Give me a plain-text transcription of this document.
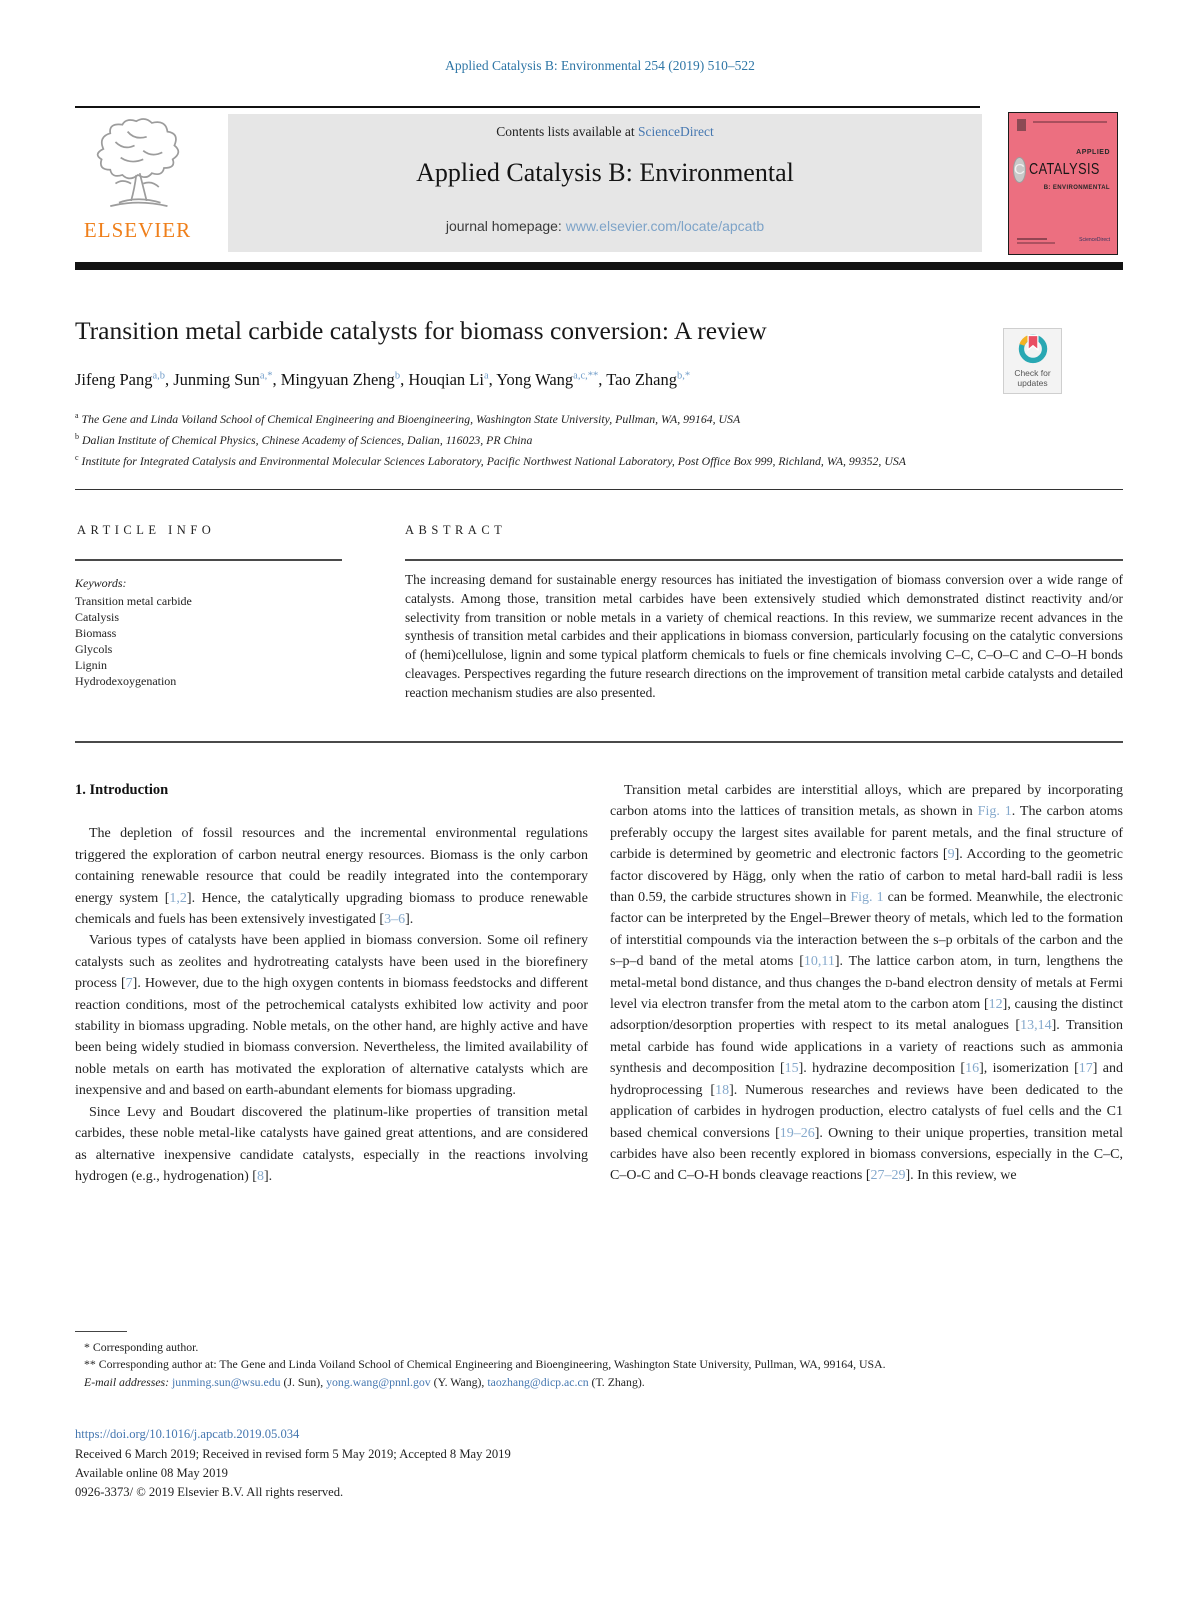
Applied Catalysis B: Environmental 254 (2019) 510–522
Contents lists available at ScienceDirect
Applied Catalysis B: Environmental
journal homepage: www.elsevier.com/locate/apcatb
ELSEVIER
APPLIED
C CATALYSIS
B: ENVIRONMENTAL
ScienceDirect
Transition metal carbide catalysts for biomass conversion: A review
Check for updates
Jifeng Pang$^{a,b}$, Junming Sun$^{a,*}$, Mingyuan Zheng$^b$, Houqian Li$^a$, Yong Wang$^{a,c,**}$, Tao Zhang$^{b,*}$
$^a$ The Gene and Linda Voiland School of Chemical Engineering and Bioengineering, Washington State University, Pullman, WA, 99164, USA
$^b$ Dalian Institute of Chemical Physics, Chinese Academy of Sciences, Dalian, 116023, PR China
$^c$ Institute for Integrated Catalysis and Environmental Molecular Sciences Laboratory, Pacific Northwest National Laboratory, Post Office Box 999, Richland, WA, 99352, USA
ARTICLE INFO	ABSTRACT
Keywords:
Transition metal carbide
Catalysis
Biomass
Glycols
Lignin
Hydrodexoygenation
The increasing demand for sustainable energy resources has initiated the investigation of biomass conversion over a wide range of catalysts. Among those, transition metal carbides have been extensively studied which demonstrated distinct reactivity and/or selectivity from transition or noble metals in a variety of chemical reactions. In this review, we summarize recent advances in the synthesis of transition metal carbides and their applications in biomass conversion, particularly focusing on the catalytic conversions of (hemi)cellulose, lignin and some typical platform chemicals to fuels or fine chemicals involving C–C, C–O–C and C–O–H bonds cleavages. Perspectives regarding the future research directions on the improvement of transition metal carbide catalysts and detailed reaction mechanism studies are also presented.
1. Introduction

The depletion of fossil resources and the incremental environmental regulations triggered the exploration of carbon neutral energy resources. Biomass is the only carbon containing renewable resource that could be readily integrated into the contemporary energy system [1,2]. Hence, the catalytically upgrading biomass to produce renewable chemicals and fuels has been extensively investigated [3–6].

Various types of catalysts have been applied in biomass conversion. Some oil refinery catalysts such as zeolites and hydrotreating catalysts have been used in the biorefinery process [7]. However, due to the high oxygen contents in biomass feedstocks and different reaction conditions, most of the petrochemical catalysts exhibited low activity and poor stability in biomass upgrading. Noble metals, on the other hand, are highly active and have been being widely studied in biomass conversion. Nevertheless, the limited availability of noble metals on earth has motivated the exploration of alternative catalysts which are inexpensive and and based on earth-abundant elements for biomass upgrading.

Since Levy and Boudart discovered the platinum-like properties of transition metal carbides, these noble metal-like catalysts have gained great attentions, and are considered as alternative inexpensive candidate catalysts, especially in the reactions involving hydrogen (e.g., hydrogenation) [8].

Transition metal carbides are interstitial alloys, which are prepared by incorporating carbon atoms into the lattices of transition metals, as shown in Fig. 1. The carbon atoms preferably occupy the largest sites available for parent metals, and the final structure of carbide is determined by geometric and electronic factors [9]. According to the geometric factor discovered by Hägg, only when the ratio of carbon to metal hard-ball radii is less than 0.59, the carbide structures shown in Fig. 1 can be formed. Meanwhile, the electronic factor can be interpreted by the Engel–Brewer theory of metals, which led to the formation of interstitial compounds via the interaction between the s–p orbitals of the carbon and the s–p–d band of the metal atoms [10,11]. The lattice carbon atom, in turn, lengthens the metal-metal bond distance, and thus changes the d-band electron density of metals at Fermi level via electron transfer from the metal atom to the carbon atom [12], causing the distinct adsorption/desorption properties with respect to its metal analogues [13,14]. Transition metal carbide has found wide applications in a variety of reactions such as ammonia synthesis and decomposition [15]. hydrazine decomposition [16], isomerization [17] and hydroprocessing [18]. Numerous researches and reviews have been dedicated to the application of carbides in hydrogen production, electro catalysts of fuel cells and the C1 based chemical conversions [19–26]. Owning to their unique properties, transition metal carbides have also been recently explored in biomass conversions, especially in the C–C, C–O-C and C–O-H bonds cleavage reactions [27–29]. In this review, we

* Corresponding author.

** Corresponding author at: The Gene and Linda Voiland School of Chemical Engineering and Bioengineering, Washington State University, Pullman, WA, 99164, USA.

E-mail addresses: junming.sun@wsu.edu (J. Sun), yong.wang@pnnl.gov (Y. Wang), taozhang@dicp.ac.cn (T. Zhang).

https://doi.org/10.1016/j.apcatb.2019.05.034
Received 6 March 2019; Received in revised form 5 May 2019; Accepted 8 May 2019
Available online 08 May 2019
0926-3373/ © 2019 Elsevier B.V. All rights reserved.
